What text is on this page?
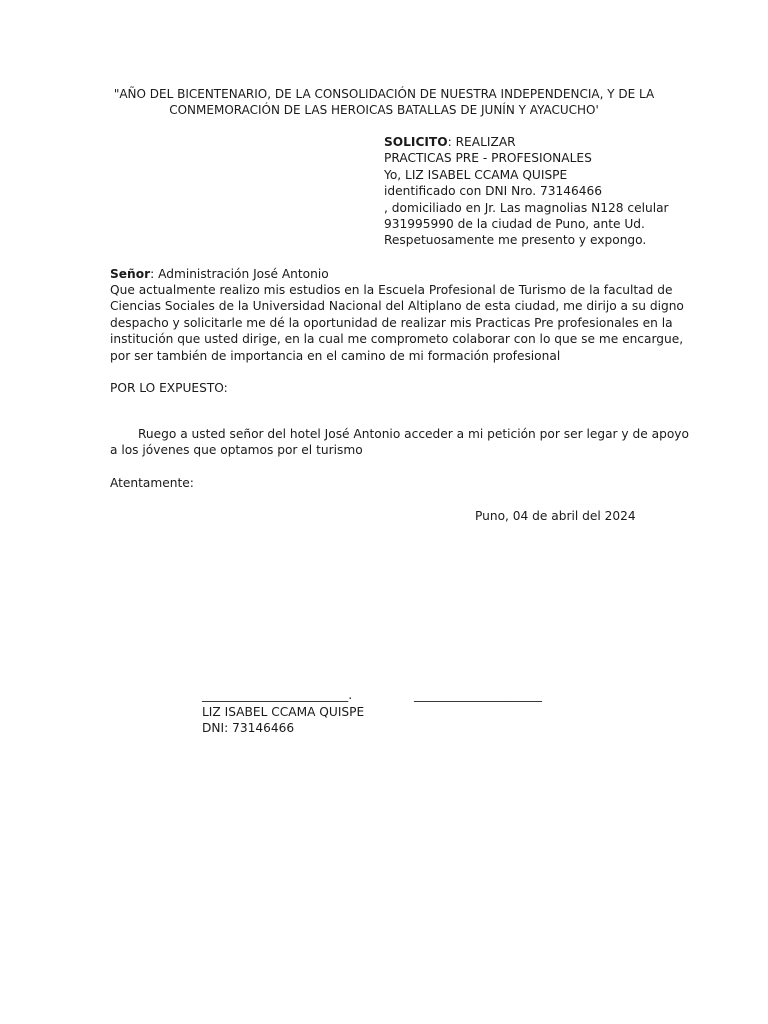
"AÑO DEL BICENTENARIO, DE LA CONSOLIDACIÓN DE NUESTRA INDEPENDENCIA, Y DE LA
CONMEMORACIÓN DE LAS HEROICAS BATALLAS DE JUNÍN Y AYACUCHO'
SOLICITO: REALIZAR
PRACTICAS PRE - PROFESIONALES
Yo, LIZ ISABEL CCAMA QUISPE
identificado con DNI Nro. 73146466
, domiciliado en Jr. Las magnolias N128 celular
931995990 de la ciudad de Puno, ante Ud.
Respetuosamente me presento y expongo.
Señor: Administración José Antonio
Que actualmente realizo mis estudios en la Escuela Profesional de Turismo de la facultad de
Ciencias Sociales de la Universidad Nacional del Altiplano de esta ciudad, me dirijo a su digno
despacho y solicitarle me dé la oportunidad de realizar mis Practicas Pre profesionales en la
institución que usted dirige, en la cual me comprometo colaborar con lo que se me encargue,
por ser también de importancia en el camino de mi formación profesional
POR LO EXPUESTO:
Ruego a usted señor del hotel José Antonio acceder a mi petición por ser legar y de apoyo
a los jóvenes que optamos por el turismo
Atentamente:
Puno, 04 de abril del 2024
________________________.	_____________________
LIZ ISABEL CCAMA QUISPE
DNI: 73146466
